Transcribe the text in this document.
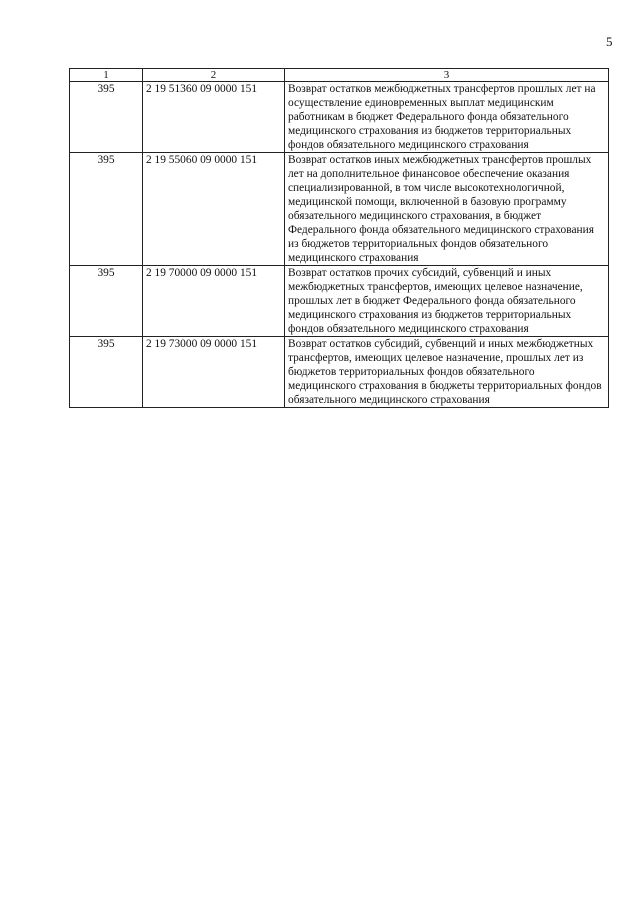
5
1	2	3
395	2 19 51360 09 0000 151	Возврат остатков межбюджетных трансфертов прошлых лет на осуществление единовременных выплат медицинским работникам в бюджет Федерального фонда обязательного медицинского страхования из бюджетов территориальных фондов обязательного медицинского страхования
395	2 19 55060 09 0000 151	Возврат остатков иных межбюджетных трансфертов прошлых лет на дополнительное финансовое обеспечение оказания специализированной, в том числе высокотехнологичной, медицинской помощи, включенной в базовую программу обязательного медицинского страхования, в бюджет Федерального фонда обязательного медицинского страхования из бюджетов территориальных фондов обязательного медицинского страхования
395	2 19 70000 09 0000 151	Возврат остатков прочих субсидий, субвенций и иных межбюджетных трансфертов, имеющих целевое назначение, прошлых лет в бюджет Федерального фонда обязательного медицинского страхования из бюджетов территориальных фондов обязательного медицинского страхования
395	2 19 73000 09 0000 151	Возврат остатков субсидий, субвенций и иных межбюджетных трансфертов, имеющих целевое назначение, прошлых лет из бюджетов территориальных фондов обязательного медицинского страхования в бюджеты территориальных фондов обязательного медицинского страхования
